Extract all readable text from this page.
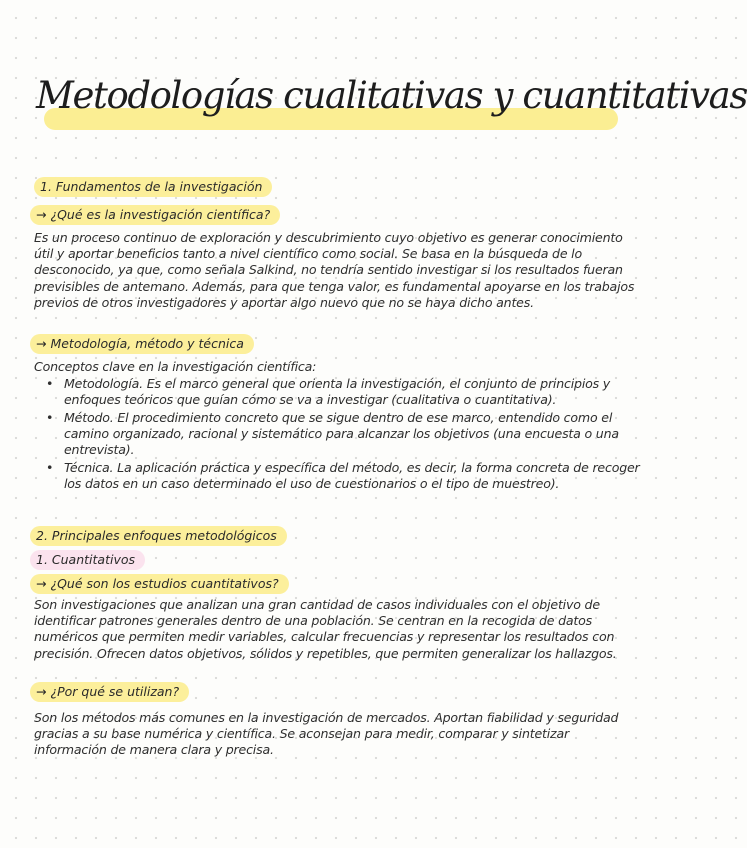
Metodologías cualitativas y cuantitativas
1. Fundamentos de la investigación
→ ¿Qué es la investigación científica?

Es un proceso continuo de exploración y descubrimiento cuyo objetivo es generar conocimiento útil y aportar beneficios tanto a nivel científico como social. Se basa en la búsqueda de lo desconocido, ya que, como señala Salkind, no tendría sentido investigar si los resultados fueran previsibles de antemano. Además, para que tenga valor, es fundamental apoyarse en los trabajos previos de otros investigadores y aportar algo nuevo que no se haya dicho antes.

→ Metodología, método y técnica
Conceptos clave en la investigación científica:
• Metodología. Es el marco general que orienta la investigación, el conjunto de principios y enfoques teóricos que guían cómo se va a investigar (cualitativa o cuantitativa).
• Método. El procedimiento concreto que se sigue dentro de ese marco, entendido como el camino organizado, racional y sistemático para alcanzar los objetivos (una encuesta o una entrevista).
• Técnica. La aplicación práctica y específica del método, es decir, la forma concreta de recoger los datos en un caso determinado el uso de cuestionarios o el tipo de muestreo).
2. Principales enfoques metodológicos
1. Cuantitativos
→ ¿Qué son los estudios cuantitativos?

Son investigaciones que analizan una gran cantidad de casos individuales con el objetivo de identificar patrones generales dentro de una población. Se centran en la recogida de datos numéricos que permiten medir variables, calcular frecuencias y representar los resultados con precisión. Ofrecen datos objetivos, sólidos y repetibles, que permiten generalizar los hallazgos.

→ ¿Por qué se utilizan?

Son los métodos más comunes en la investigación de mercados. Aportan fiabilidad y seguridad gracias a su base numérica y científica. Se aconsejan para medir, comparar y sintetizar información de manera clara y precisa.
